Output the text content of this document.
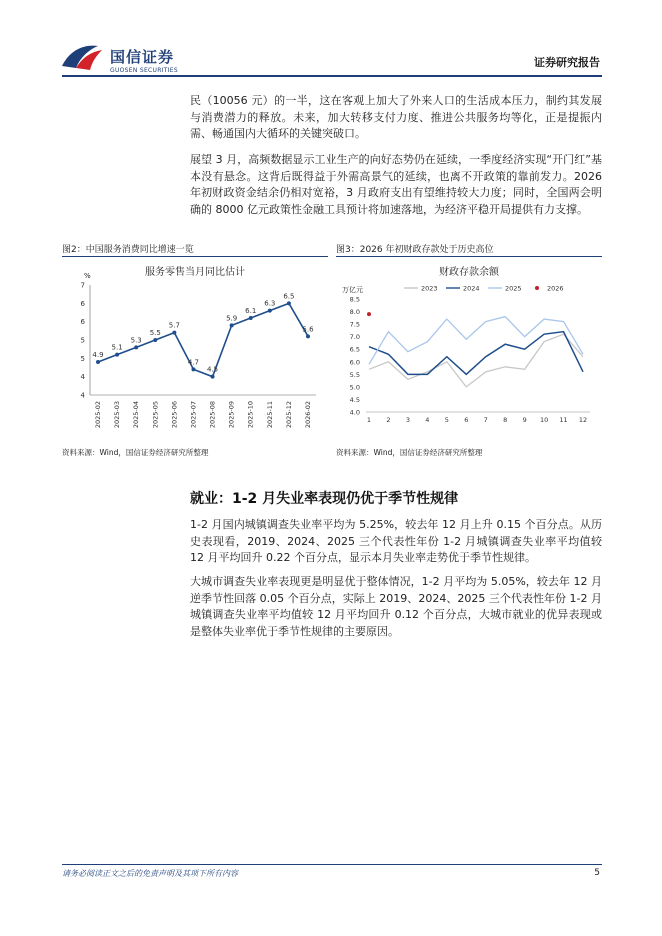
国信证券
GUOSEN SECURITIES
证券研究报告
民（10056 元）的一半，这在客观上加大了外来人口的生活成本压力，制约其发展与消费潜力的释放。未来，加大转移支付力度、推进公共服务均等化，正是提振内需、畅通国内大循环的关键突破口。
展望 3 月，高频数据显示工业生产的向好态势仍在延续，一季度经济实现“开门红”基本没有悬念。这背后既得益于外需高景气的延续，也离不开政策的靠前发力。2026 年初财政资金结余仍相对宽裕，3 月政府支出有望维持较大力度；同时，全国两会明确的 8000 亿元政策性金融工具预计将加速落地，为经济平稳开局提供有力支撑。
图2：中国服务消费同比增速一览
服务零售当月同比估计
%
4
4
5
5
6
6
7
2025-02 2025-03 2025-04 2025-05 2025-06 2025-07 2025-08 2025-09 2025-10 2025-11 2025-12 2026-02
4.9
5.1
5.3
5.5
5.7
4.7
4.5
5.9
6.1
6.3
6.5
5.6
资料来源：Wind，国信证券经济研究所整理
图3：2026 年初财政存款处于历史高位
财政存款余额
万亿元	2023	2024	2025	2026
4.0
4.5
5.0
5.5
6.0
6.5
7.0
7.5
8.0
8.5
1 2 3 4 5 6 7 8 9 10 11 12
资料来源：Wind，国信证券经济研究所整理
就业：1-2 月失业率表现仍优于季节性规律
1-2 月国内城镇调查失业率平均为 5.25%，较去年 12 月上升 0.15 个百分点。从历史表现看，2019、2024、2025 三个代表性年份 1-2 月城镇调查失业率平均值较 12 月平均回升 0.22 个百分点，显示本月失业率走势优于季节性规律。
大城市调查失业率表现更是明显优于整体情况，1-2 月平均为 5.05%，较去年 12 月逆季节性回落 0.05 个百分点，实际上 2019、2024、2025 三个代表性年份 1-2 月城镇调查失业率平均值较 12 月平均回升 0.12 个百分点，大城市就业的优异表现或是整体失业率优于季节性规律的主要原因。
请务必阅读正文之后的免责声明及其项下所有内容	5
